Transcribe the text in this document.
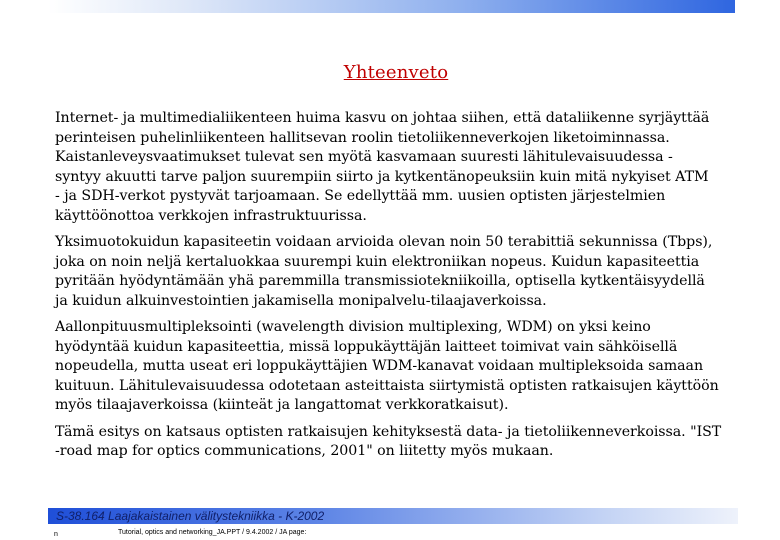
Yhteenveto

Internet- ja multimedialiikenteen huima kasvu on johtaa siihen, että dataliikenne syrjäyttää
perinteisen puhelinliikenteen hallitsevan roolin tietoliikenneverkojen liketoiminnassa.
Kaistanleveysvaatimukset tulevat sen myötä kasvamaan suuresti lähitulevaisuudessa -
syntyy akuutti tarve paljon suurempiin siirto ja kytkentänopeuksiin kuin mitä nykyiset ATM
- ja SDH-verkot pystyvät tarjoamaan. Se edellyttää mm. uusien optisten järjestelmien
käyttöönottoa verkkojen infrastruktuurissa.

Yksimuotokuidun kapasiteetin voidaan arvioida olevan noin 50 terabittiä sekunnissa (Tbps),
joka on noin neljä kertaluokkaa suurempi kuin elektroniikan nopeus. Kuidun kapasiteettia
pyritään hyödyntämään yhä paremmilla transmissiotekniikoilla, optisella kytkentäisyydellä
ja kuidun alkuinvestointien jakamisella monipalvelu-tilaajaverkoissa.

Aallonpituusmultipleksointi (wavelength division multiplexing, WDM) on yksi keino
hyödyntää kuidun kapasiteettia, missä loppukäyttäjän laitteet toimivat vain sähköisellä
nopeudella, mutta useat eri loppukäyttäjien WDM-kanavat voidaan multipleksoida samaan
kuituun. Lähitulevaisuudessa odotetaan asteittaista siirtymistä optisten ratkaisujen käyttöön
myös tilaajaverkoissa (kiinteät ja langattomat verkkoratkaisut).

Tämä esitys on katsaus optisten ratkaisujen kehityksestä data- ja tietoliikenneverkoissa. "IST
-road map for optics communications, 2001" on liitetty myös mukaan.

S-38.164 Laajakaistainen välitystekniikka - K-2002
Tutorial, optics and networking_JA.PPT / 9.4.2002 / JA page:
n
